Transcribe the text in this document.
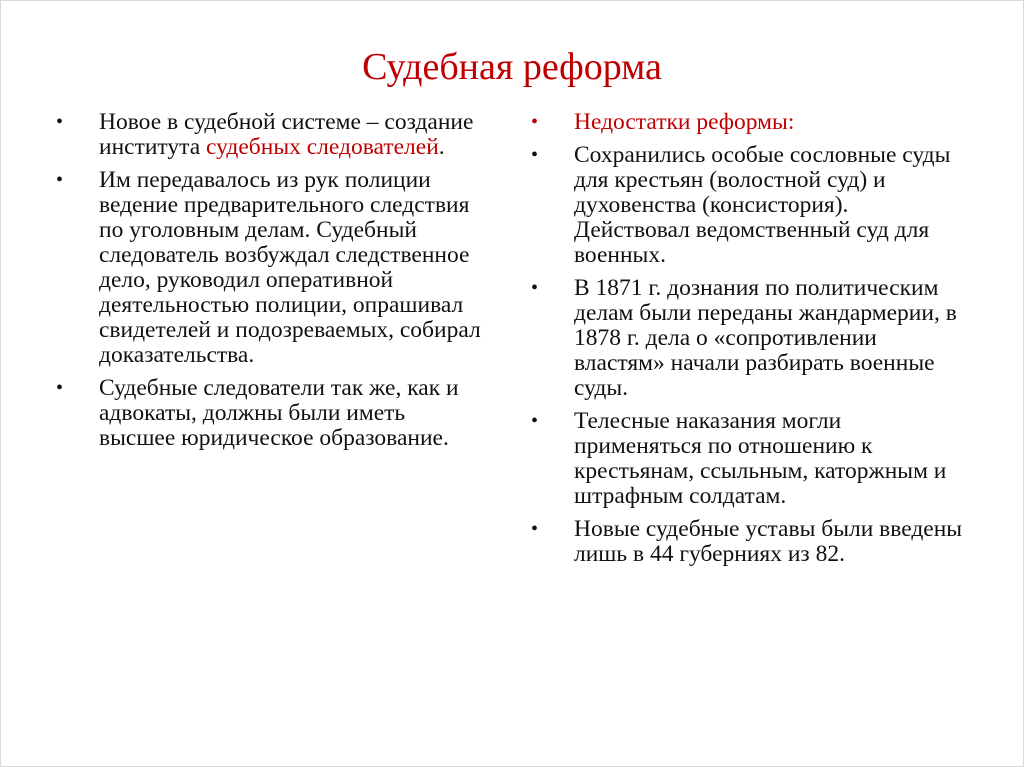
Судебная реформа
• Новое в судебной системе – создание института судебных следователей.
• Им передавалось из рук полиции ведение предварительного следствия по уголовным делам. Судебный следователь возбуждал следственное дело, руководил оперативной деятельностью полиции, опрашивал свидетелей и подозреваемых, собирал доказательства.
• Судебные следователи так же, как и адвокаты, должны были иметь высшее юридическое образование.
• Недостатки реформы:
• Сохранились особые сословные суды для крестьян (волостной суд) и духовенства (консистория). Действовал ведомственный суд для военных.
• В 1871 г. дознания по политическим делам были переданы жандармерии, в 1878 г. дела о «сопротивлении властям» начали разбирать военные суды.
• Телесные наказания могли применяться по отношению к крестьянам, ссыльным, каторжным и штрафным солдатам.
• Новые судебные уставы были введены лишь в 44 губерниях из 82.
